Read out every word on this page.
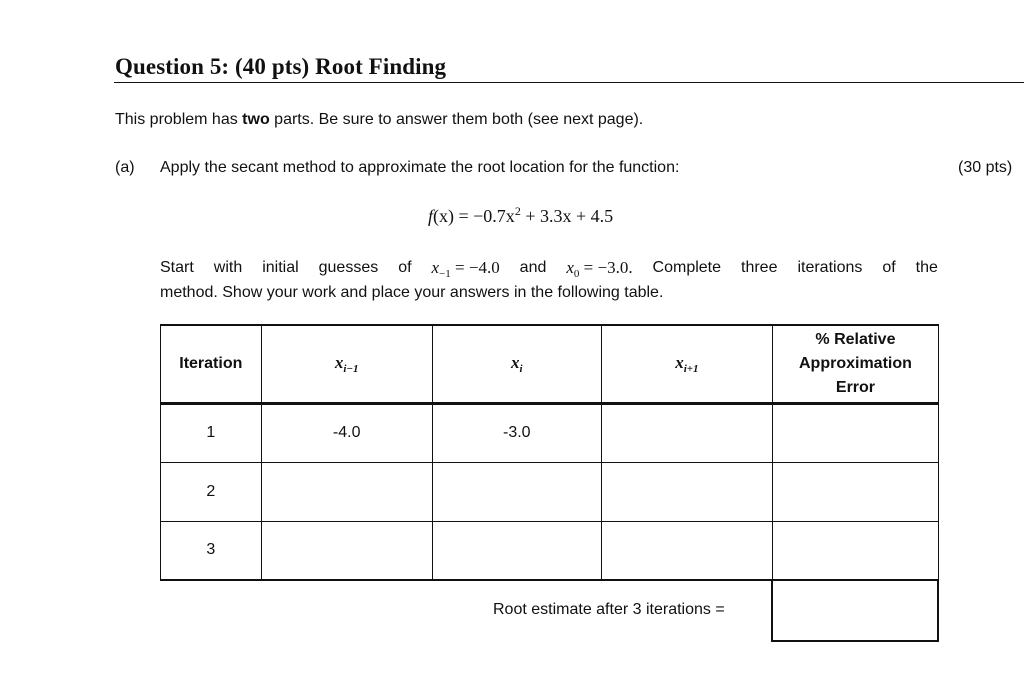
Question 5: (40 pts) Root Finding
This problem has two parts. Be sure to answer them both (see next page).
(a) Apply the secant method to approximate the root location for the function:	(30 pts)
$f(x) = -0.7x^2 + 3.3x + 4.5$
Start with initial guesses of $x_{-1} = -4.0$ and $x_0 = -3.0$. Complete three iterations of the
method. Show your work and place your answers in the following table.
Iteration	$x_{i-1}$	$x_i$	$x_{i+1}$	% Relative
Approximation
Error

1	-4.0	-3.0		
2				
3				
Root estimate after 3 iterations =
